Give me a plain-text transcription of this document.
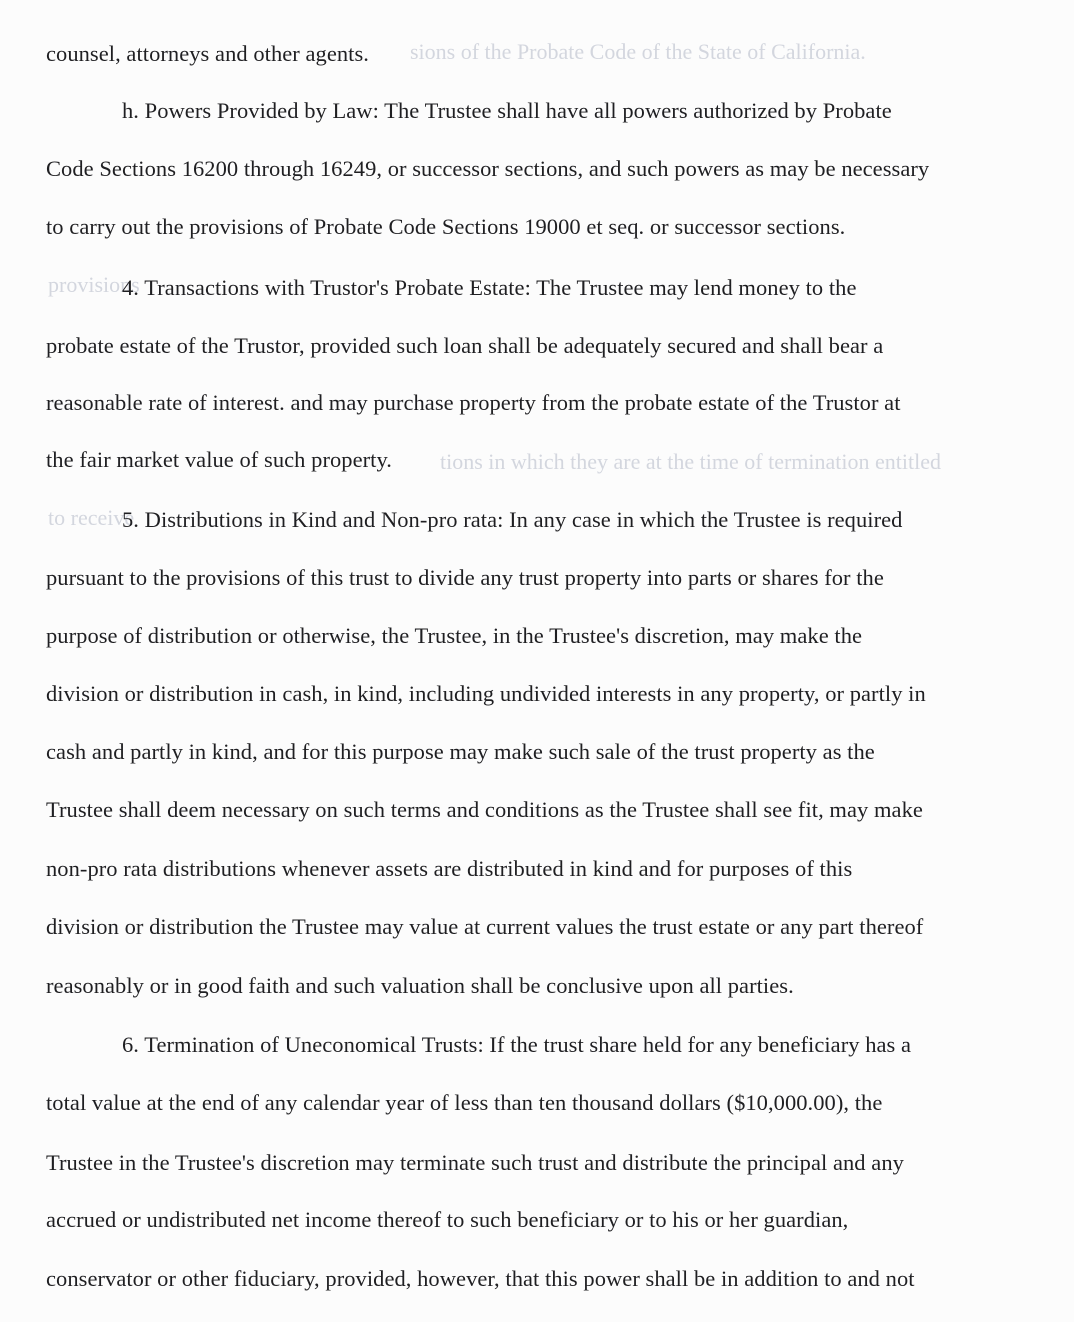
sions of the Probate Code of the State of California.
provisions
tions in which they are at the time of termination entitled
to receive
counsel, attorneys and other agents.
h. Powers Provided by Law: The Trustee shall have all powers authorized by Probate
Code Sections 16200 through 16249, or successor sections, and such powers as may be necessary
to carry out the provisions of Probate Code Sections 19000 et seq. or successor sections.
4. Transactions with Trustor's Probate Estate: The Trustee may lend money to the
probate estate of the Trustor, provided such loan shall be adequately secured and shall bear a
reasonable rate of interest. and may purchase property from the probate estate of the Trustor at
the fair market value of such property.
5. Distributions in Kind and Non-pro rata: In any case in which the Trustee is required
pursuant to the provisions of this trust to divide any trust property into parts or shares for the
purpose of distribution or otherwise, the Trustee, in the Trustee's discretion, may make the
division or distribution in cash, in kind, including undivided interests in any property, or partly in
cash and partly in kind, and for this purpose may make such sale of the trust property as the
Trustee shall deem necessary on such terms and conditions as the Trustee shall see fit, may make
non-pro rata distributions whenever assets are distributed in kind and for purposes of this
division or distribution the Trustee may value at current values the trust estate or any part thereof
reasonably or in good faith and such valuation shall be conclusive upon all parties.
6. Termination of Uneconomical Trusts: If the trust share held for any beneficiary has a
total value at the end of any calendar year of less than ten thousand dollars ($10,000.00), the
Trustee in the Trustee's discretion may terminate such trust and distribute the principal and any
accrued or undistributed net income thereof to such beneficiary or to his or her guardian,
conservator or other fiduciary, provided, however, that this power shall be in addition to and not
